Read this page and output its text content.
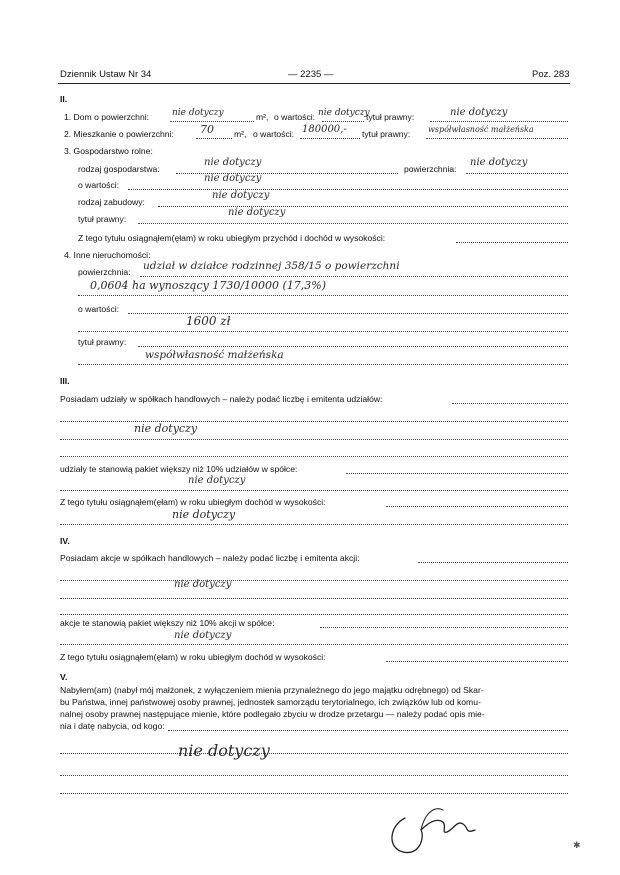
Dziennik Ustaw Nr 34	— 2235 —	Poz. 283
II.
1. Dom o powierzchni:	nie dotyczy	m², o wartości: nie dotyczy
tytuł prawny:	nie dotyczy
2. Mieszkanie o powierzchni: 70 m², o wartości: 180000,- tytuł prawny: współwłasność małżeńska
3. Gospodarstwo rolne:
rodzaj gospodarstwa:
nie dotyczy
powierzchnia:
nie dotyczy
o wartości:
nie dotyczy
rodzaj zabudowy:
nie dotyczy
tytuł prawny:
nie dotyczy
Z tego tytułu osiągnąłem(ęłam) w roku ubiegłym przychód i dochód w wysokości:
4. Inne nieruchomości:
powierzchnia: udział w działce rodzinnej 358/15 o powierzchni
0,0604 ha wynoszący 1730/10000 (17,3%)
o wartości:
1600 zł
tytuł prawny:
współwłasność małżeńska
III.
Posiadam udziały w spółkach handlowych – należy podać liczbę i emitenta udziałów:
nie dotyczy
udziały te stanowią pakiet większy niż 10% udziałów w spółce:
nie dotyczy
Z tego tytułu osiągnąłem(ęłam) w roku ubiegłym dochód w wysokości:
nie dotyczy
IV.
Posiadam akcje w spółkach handlowych – należy podać liczbę i emitenta akcji:
nie dotyczy
akcje te stanowią pakiet większy niż 10% akcji w spółce:
nie dotyczy
Z tego tytułu osiągnąłem(ęłam) w roku ubiegłym dochód w wysokości:
V.
Nabyłem(am) (nabył mój małżonek, z wyłączeniem mienia przynależnego do jego majątku odrębnego) od Skar-
bu Państwa, innej państwowej osoby prawnej, jednostek samorządu terytorialnego, ich związków lub od komu-
nalnej osoby prawnej następujące mienie, które podlegało zbyciu w drodze przetargu — należy podać opis mie-
nia i datę nabycia, od kogo:
nie dotyczy
✱
